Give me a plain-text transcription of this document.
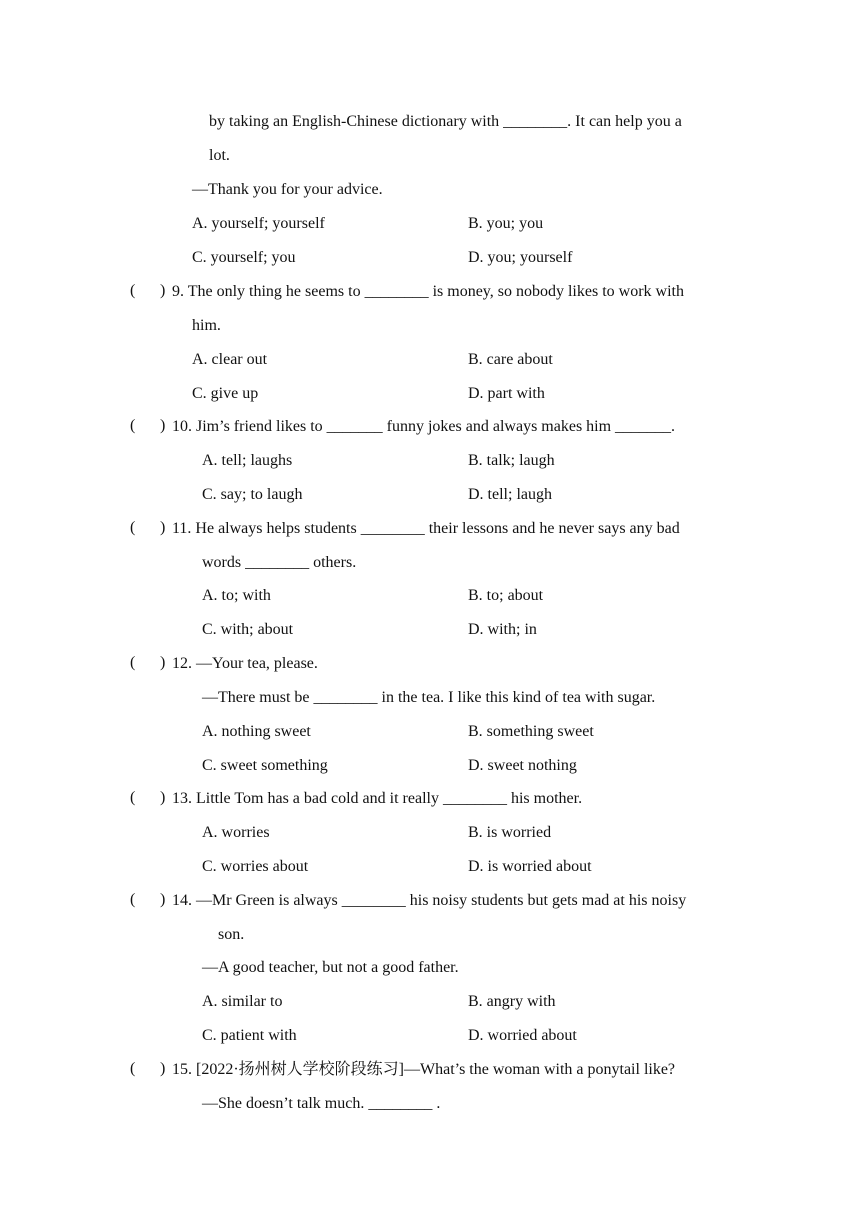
by taking an English-Chinese dictionary with ________. It can help you a
lot.
—Thank you for your advice.
A. yourself; yourself	B. you; you
C. yourself; you	D. you; yourself
( ) 9. The only thing he seems to ________ is money, so nobody likes to work with
him.
A. clear out	B. care about
C. give up	D. part with
( ) 10. Jim’s friend likes to _______ funny jokes and always makes him _______.
A. tell; laughs	B. talk; laugh
C. say; to laugh	D. tell; laugh
( ) 11. He always helps students ________ their lessons and he never says any bad
words ________ others.
A. to; with	B. to; about
C. with; about	D. with; in
( ) 12. —Your tea, please.
—There must be ________ in the tea. I like this kind of tea with sugar.
A. nothing sweet	B. something sweet
C. sweet something	D. sweet nothing
( ) 13. Little Tom has a bad cold and it really ________ his mother.
A. worries	B. is worried
C. worries about	D. is worried about
( ) 14. —Mr Green is always ________ his noisy students but gets mad at his noisy
son.
—A good teacher, but not a good father.
A. similar to	B. angry with
C. patient with	D. worried about
( ) 15. [2022·扬州树人学校阶段练习]—What’s the woman with a ponytail like?
—She doesn’t talk much. ________ .
